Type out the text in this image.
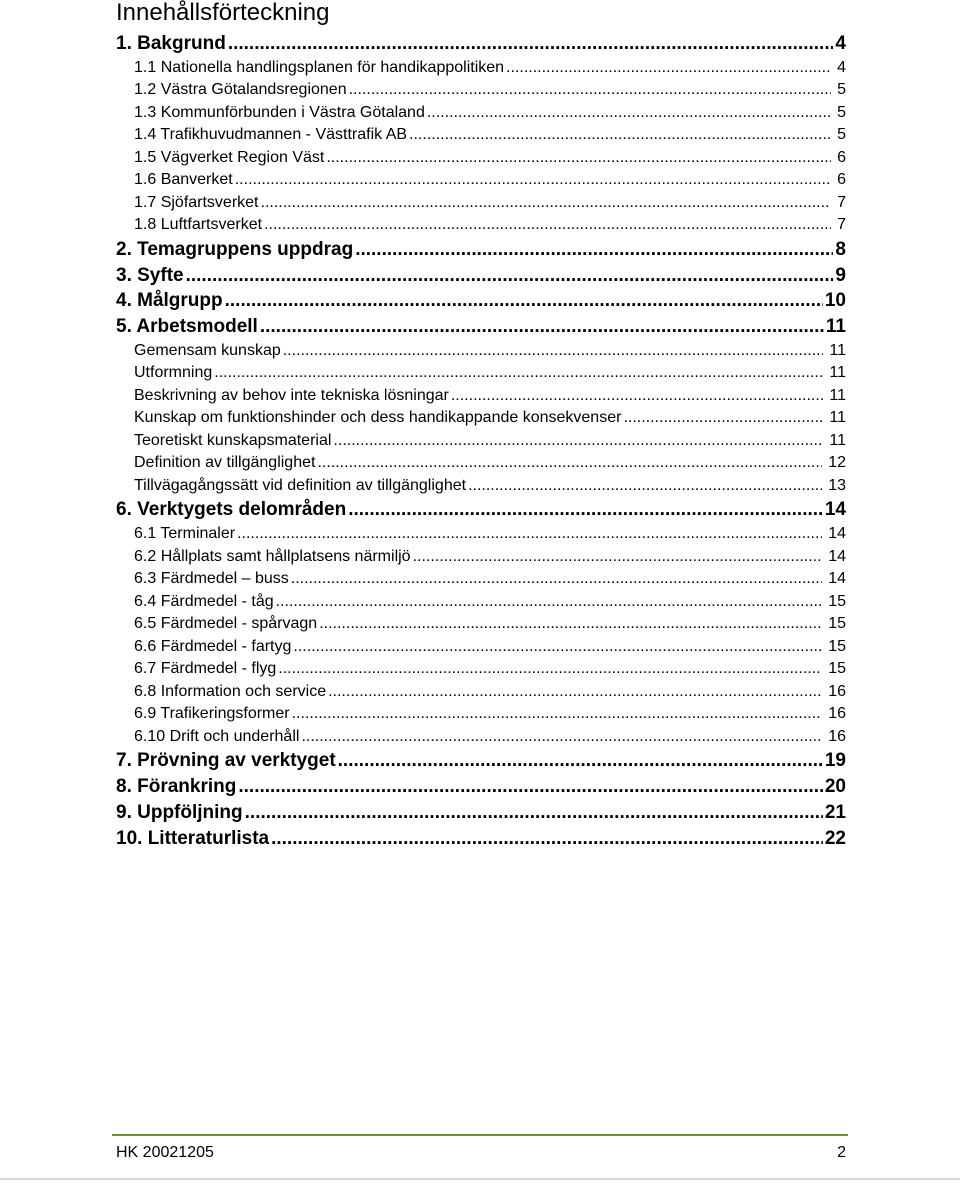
Innehållsförteckning
1. Bakgrund .....	4
1.1 Nationella handlingsplanen för handikappolitiken .....	4
1.2 Västra Götalandsregionen .....	5
1.3 Kommunförbunden i Västra Götaland .....	5
1.4 Trafikhuvudmannen - Västtrafik AB .....	5
1.5 Vägverket Region Väst .....	6
1.6 Banverket .....	6
1.7 Sjöfartsverket .....	7
1.8 Luftfartsverket .....	7
2. Temagruppens uppdrag .....	8
3. Syfte .....	9
4. Målgrupp .....	10
5. Arbetsmodell .....	11
Gemensam kunskap .....	11
Utformning .....	11
Beskrivning av behov inte tekniska lösningar .....	11
Kunskap om funktionshinder och dess handikappande konsekvenser .....	11
Teoretiskt kunskapsmaterial .....	11
Definition av tillgänglighet .....	12
Tillvägagångssätt vid definition av tillgänglighet .....	13
6. Verktygets delområden .....	14
6.1 Terminaler .....	14
6.2 Hållplats samt hållplatsens närmiljö .....	14
6.3 Färdmedel – buss .....	14
6.4 Färdmedel - tåg .....	15
6.5 Färdmedel - spårvagn .....	15
6.6 Färdmedel - fartyg .....	15
6.7 Färdmedel - flyg .....	15
6.8 Information och service .....	16
6.9 Trafikeringsformer .....	16
6.10 Drift och underhåll .....	16
7. Prövning av verktyget .....	19
8. Förankring .....	20
9. Uppföljning .....	21
10. Litteraturlista .....	22
HK 20021205	2
